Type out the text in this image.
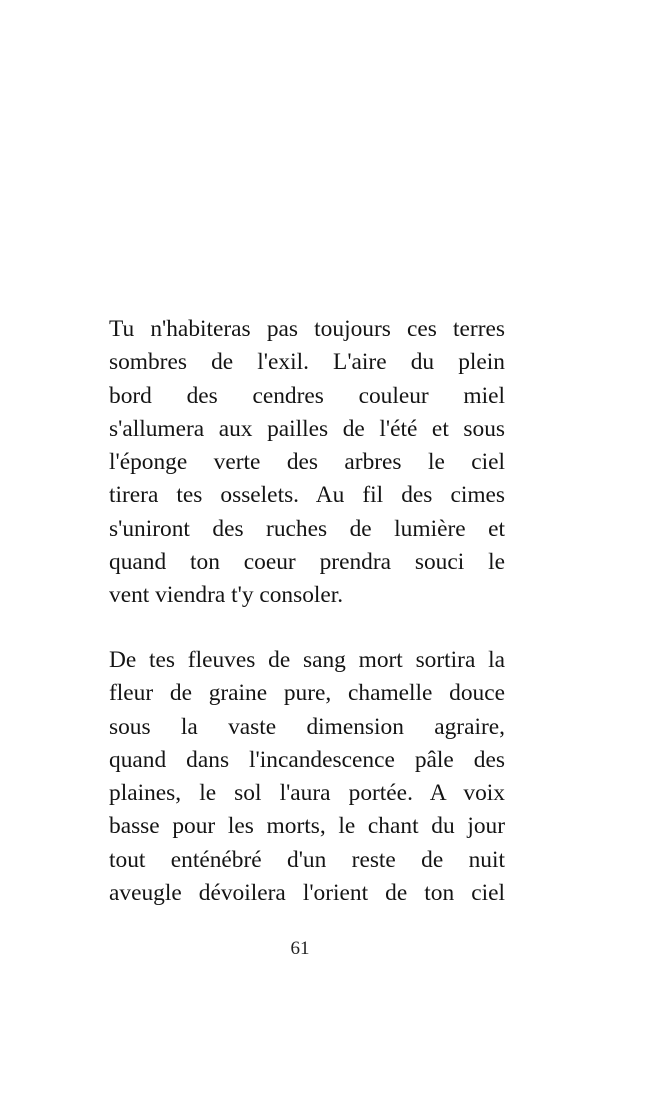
Tu n'habiteras pas toujours ces terres
sombres de l'exil. L'aire du plein
bord des cendres couleur miel
s'allumera aux pailles de l'été et sous
l'éponge verte des arbres le ciel
tirera tes osselets. Au fil des cimes
s'uniront des ruches de lumière et
quand ton coeur prendra souci le
vent viendra t'y consoler.
De tes fleuves de sang mort sortira la
fleur de graine pure, chamelle douce
sous la vaste dimension agraire,
quand dans l'incandescence pâle des
plaines, le sol l'aura portée. A voix
basse pour les morts, le chant du jour
tout enténébré d'un reste de nuit
aveugle dévoilera l'orient de ton ciel
61
